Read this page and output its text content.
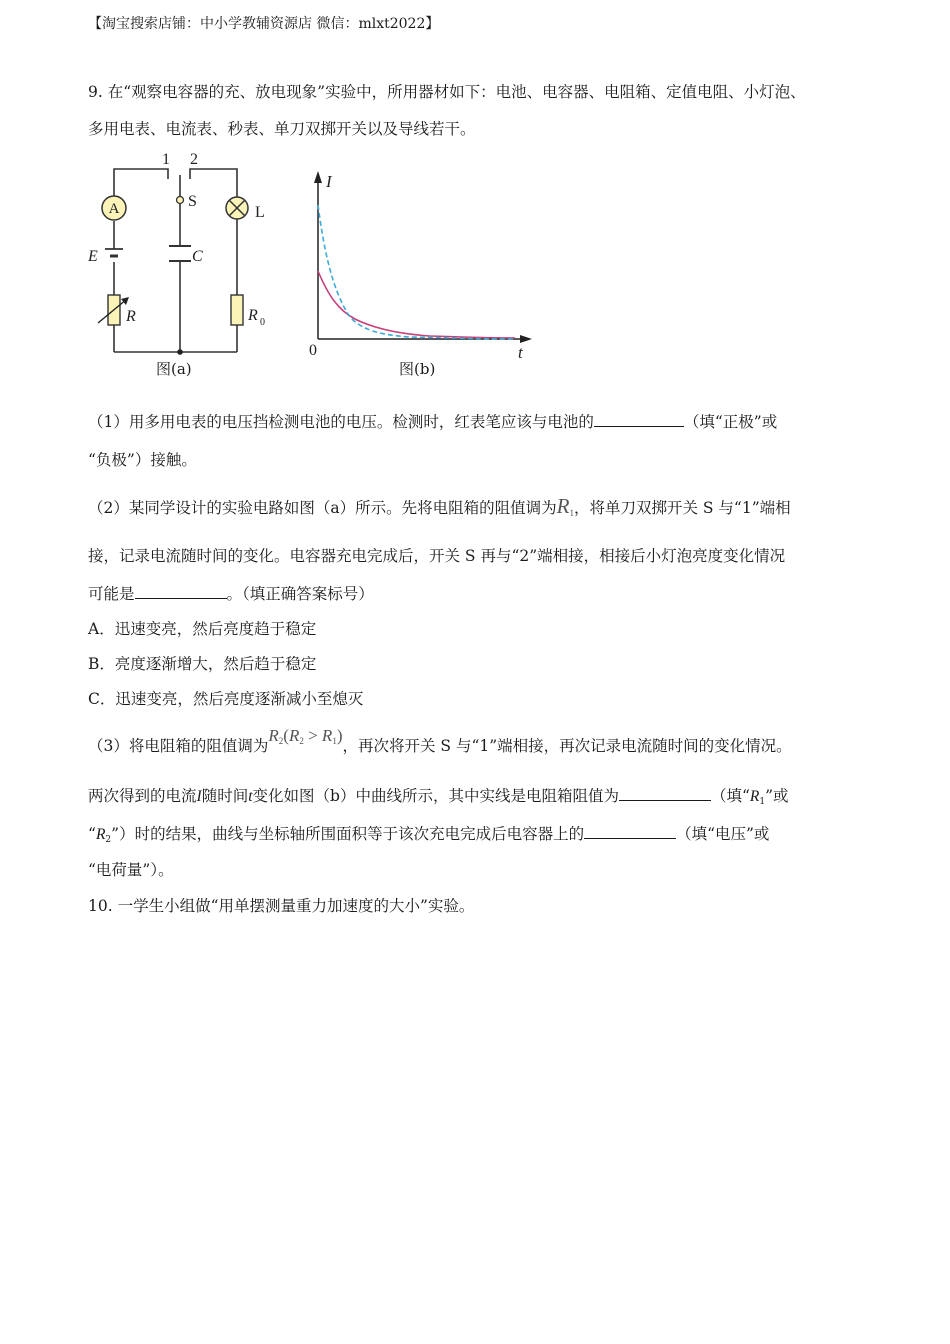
【淘宝搜索店铺：中小学教辅资源店 微信：mlxt2022】
9. 在“观察电容器的充、放电现象”实验中，所用器材如下：电池、电容器、电阻箱、定值电阻、小灯泡、
多用电表、电流表、秒表、单刀双掷开关以及导线若干。
A	L
S
1 2
E	C
R	R 0
图(a)
I
t
0
图(b)
（1）用多用电表的电压挡检测电池的电压。检测时，红表笔应该与电池的	（填“正极”或
“负极”）接触。
（2）某同学设计的实验电路如图（a）所示。先将电阻箱的阻值调为$R_1$，将单刀双掷开关 S 与“1”端相
接，记录电流随时间的变化。电容器充电完成后，开关 S 再与“2”端相接，相接后小灯泡亮度变化情况
可能是	。（填正确答案标号）
A．迅速变亮，然后亮度趋于稳定
B．亮度逐渐增大，然后趋于稳定
C．迅速变亮，然后亮度逐渐减小至熄灭
（3）将电阻箱的阻值调为$R_2(R_2 > R_1)$，再次将开关 S 与“1”端相接，再次记录电流随时间的变化情况。
两次得到的电流I随时间t变化如图（b）中曲线所示，其中实线是电阻箱阻值为	（填“$R_1$”或
“$R_2$”）时的结果，曲线与坐标轴所围面积等于该次充电完成后电容器上的	（填“电压”或
“电荷量”）。
10. 一学生小组做“用单摆测量重力加速度的大小”实验。
